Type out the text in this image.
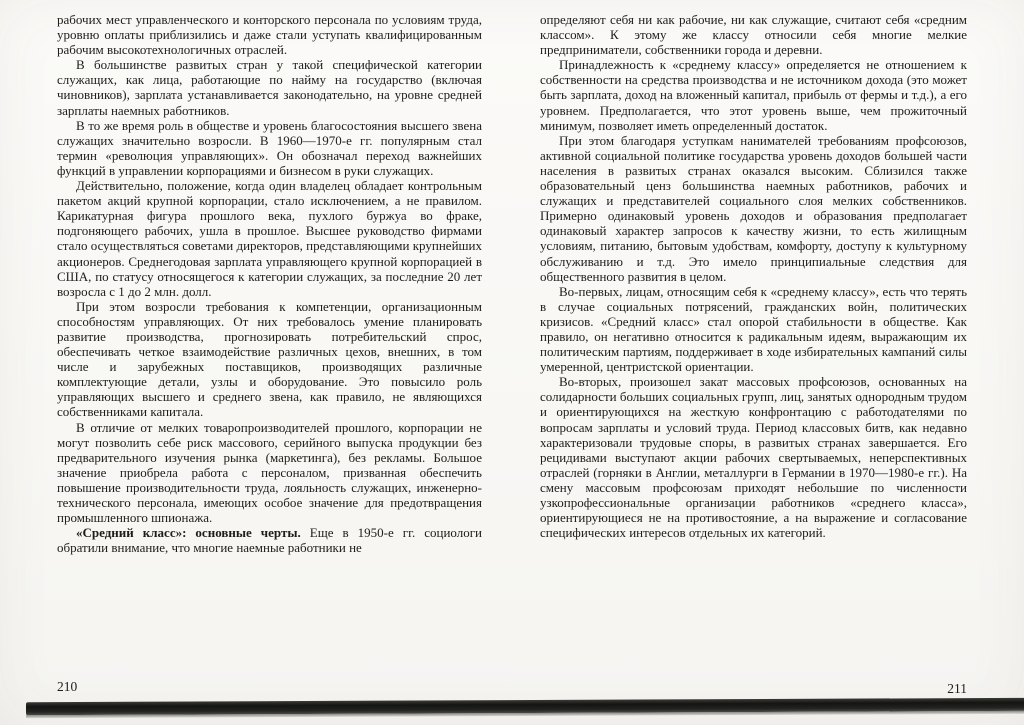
рабочих мест управленческого и конторского персонала по условиям труда, уровню оплаты приблизились и даже стали уступать квалифицированным рабочим высокотехнологичных отраслей.

В большинстве развитых стран у такой специфической категории служащих, как лица, работающие по найму на государство (включая чиновников), зарплата устанавливается законодательно, на уровне средней зарплаты наемных работников.

В то же время роль в обществе и уровень благосостояния высшего звена служащих значительно возросли. В 1960—1970-е гг. популярным стал термин «революция управляющих». Он обозначал переход важнейших функций в управлении корпорациями и бизнесом в руки служащих.

Действительно, положение, когда один владелец обладает контрольным пакетом акций крупной корпорации, стало исключением, а не правилом. Карикатурная фигура прошлого века, пухлого буржуа во фраке, подгоняющего рабочих, ушла в прошлое. Высшее руководство фирмами стало осуществляться советами директоров, представляющими крупнейших акционеров. Среднегодовая зарплата управляющего крупной корпорацией в США, по статусу относящегося к категории служащих, за последние 20 лет возросла с 1 до 2 млн. долл.

При этом возросли требования к компетенции, организационным способностям управляющих. От них требовалось умение планировать развитие производства, прогнозировать потребительский спрос, обеспечивать четкое взаимодействие различных цехов, внешних, в том числе и зарубежных поставщиков, производящих различные комплектующие детали, узлы и оборудование. Это повысило роль управляющих высшего и среднего звена, как правило, не являющихся собственниками капитала.

В отличие от мелких товаропроизводителей прошлого, корпорации не могут позволить себе риск массового, серийного выпуска продукции без предварительного изучения рынка (маркетинга), без рекламы. Большое значение приобрела работа с персоналом, призванная обеспечить повышение производительности труда, лояльность служащих, инженерно-технического персонала, имеющих особое значение для предотвращения промышленного шпионажа.

«Средний класс»: основные черты. Еще в 1950-е гг. социологи обратили внимание, что многие наемные работники не

определяют себя ни как рабочие, ни как служащие, считают себя «средним классом». К этому же классу относили себя многие мелкие предприниматели, собственники города и деревни.

Принадлежность к «среднему классу» определяется не отношением к собственности на средства производства и не источником дохода (это может быть зарплата, доход на вложенный капитал, прибыль от фермы и т.д.), а его уровнем. Предполагается, что этот уровень выше, чем прожиточный минимум, позволяет иметь определенный достаток.

При этом благодаря уступкам нанимателей требованиям профсоюзов, активной социальной политике государства уровень доходов большей части населения в развитых странах оказался высоким. Сблизился также образовательный ценз большинства наемных работников, рабочих и служащих и представителей социального слоя мелких собственников. Примерно одинаковый уровень доходов и образования предполагает одинаковый характер запросов к качеству жизни, то есть жилищным условиям, питанию, бытовым удобствам, комфорту, доступу к культурному обслуживанию и т.д. Это имело принципиальные следствия для общественного развития в целом.

Во-первых, лицам, относящим себя к «среднему классу», есть что терять в случае социальных потрясений, гражданских войн, политических кризисов. «Средний класс» стал опорой стабильности в обществе. Как правило, он негативно относится к радикальным идеям, выражающим их политическим партиям, поддерживает в ходе избирательных кампаний силы умеренной, центристской ориентации.

Во-вторых, произошел закат массовых профсоюзов, основанных на солидарности больших социальных групп, лиц, занятых однородным трудом и ориентирующихся на жесткую конфронтацию с работодателями по вопросам зарплаты и условий труда. Период классовых битв, как недавно характеризовали трудовые споры, в развитых странах завершается. Его рецидивами выступают акции рабочих свертываемых, неперспективных отраслей (горняки в Англии, металлурги в Германии в 1970—1980-е гг.). На смену массовым профсоюзам приходят небольшие по численности узкопрофессиональные организации работников «среднего класса», ориентирующиеся не на противостояние, а на выражение и согласование специфических интересов отдельных их категорий.

210	211
